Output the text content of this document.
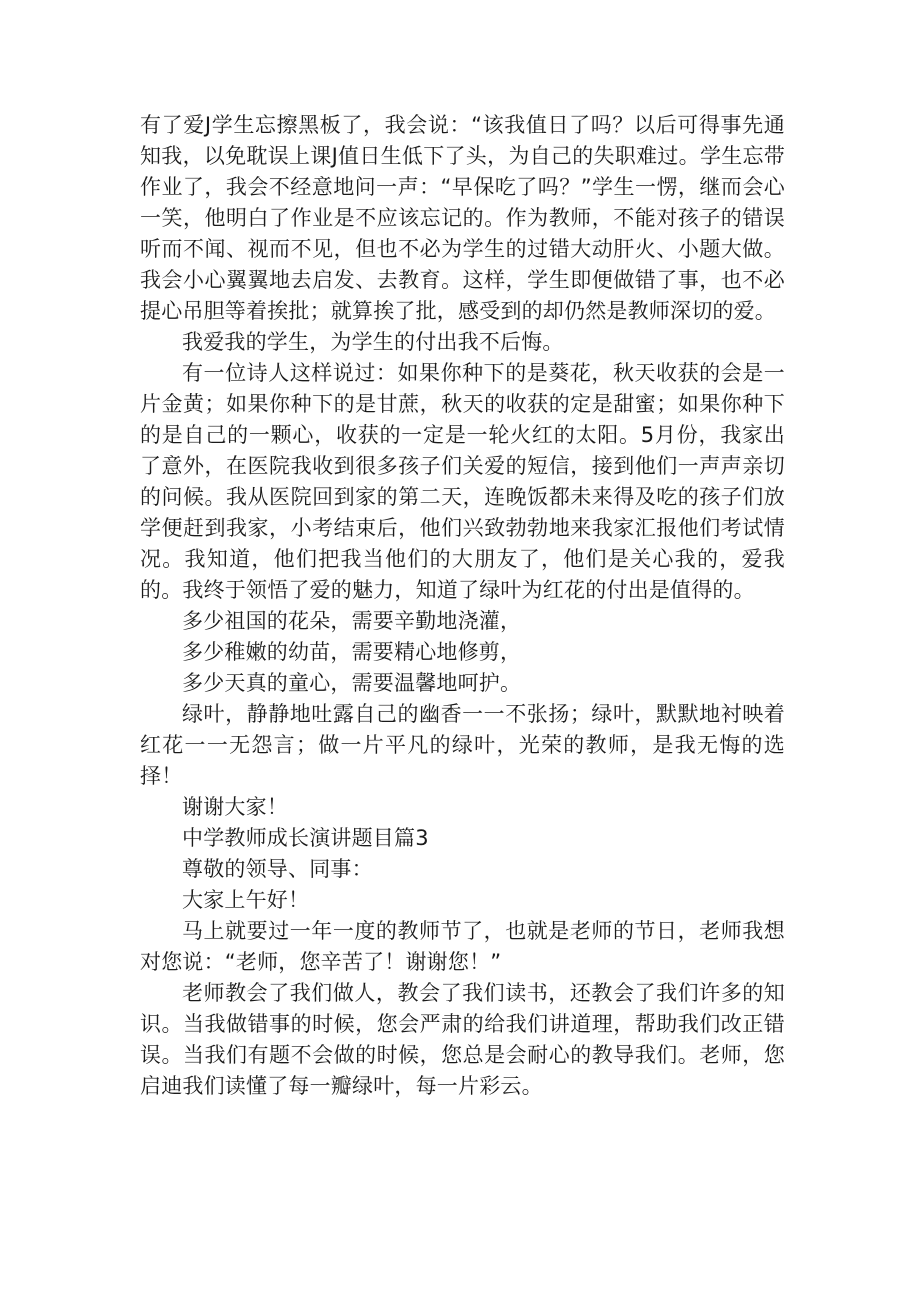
有了爱J学生忘擦黑板了，我会说：“该我值日了吗？以后可得事先通知我，以免耽误上课J值日生低下了头，为自己的失职难过。学生忘带作业了，我会不经意地问一声：“早保吃了吗？”学生一愣，继而会心一笑，他明白了作业是不应该忘记的。作为教师，不能对孩子的错误听而不闻、视而不见，但也不必为学生的过错大动肝火、小题大做。我会小心翼翼地去启发、去教育。这样，学生即便做错了事，也不必提心吊胆等着挨批；就算挨了批，感受到的却仍然是教师深切的爱。

我爱我的学生，为学生的付出我不后悔。

有一位诗人这样说过：如果你种下的是葵花，秋天收获的会是一片金黄；如果你种下的是甘蔗，秋天的收获的定是甜蜜；如果你种下的是自己的一颗心，收获的一定是一轮火红的太阳。5月份，我家出了意外，在医院我收到很多孩子们关爱的短信，接到他们一声声亲切的问候。我从医院回到家的第二天，连晚饭都未来得及吃的孩子们放学便赶到我家，小考结束后，他们兴致勃勃地来我家汇报他们考试情况。我知道，他们把我当他们的大朋友了，他们是关心我的，爱我的。我终于领悟了爱的魅力，知道了绿叶为红花的付出是值得的。

多少祖国的花朵，需要辛勤地浇灌，

多少稚嫩的幼苗，需要精心地修剪，

多少天真的童心，需要温馨地呵护。

绿叶，静静地吐露自己的幽香一一不张扬；绿叶，默默地衬映着红花一一无怨言；做一片平凡的绿叶，光荣的教师，是我无悔的选择！

谢谢大家！

中学教师成长演讲题目篇3

尊敬的领导、同事：

大家上午好！

马上就要过一年一度的教师节了，也就是老师的节日，老师我想对您说：“老师，您辛苦了！谢谢您！”

老师教会了我们做人，教会了我们读书，还教会了我们许多的知识。当我做错事的时候，您会严肃的给我们讲道理，帮助我们改正错误。当我们有题不会做的时候，您总是会耐心的教导我们。老师，您启迪我们读懂了每一瓣绿叶，每一片彩云。
